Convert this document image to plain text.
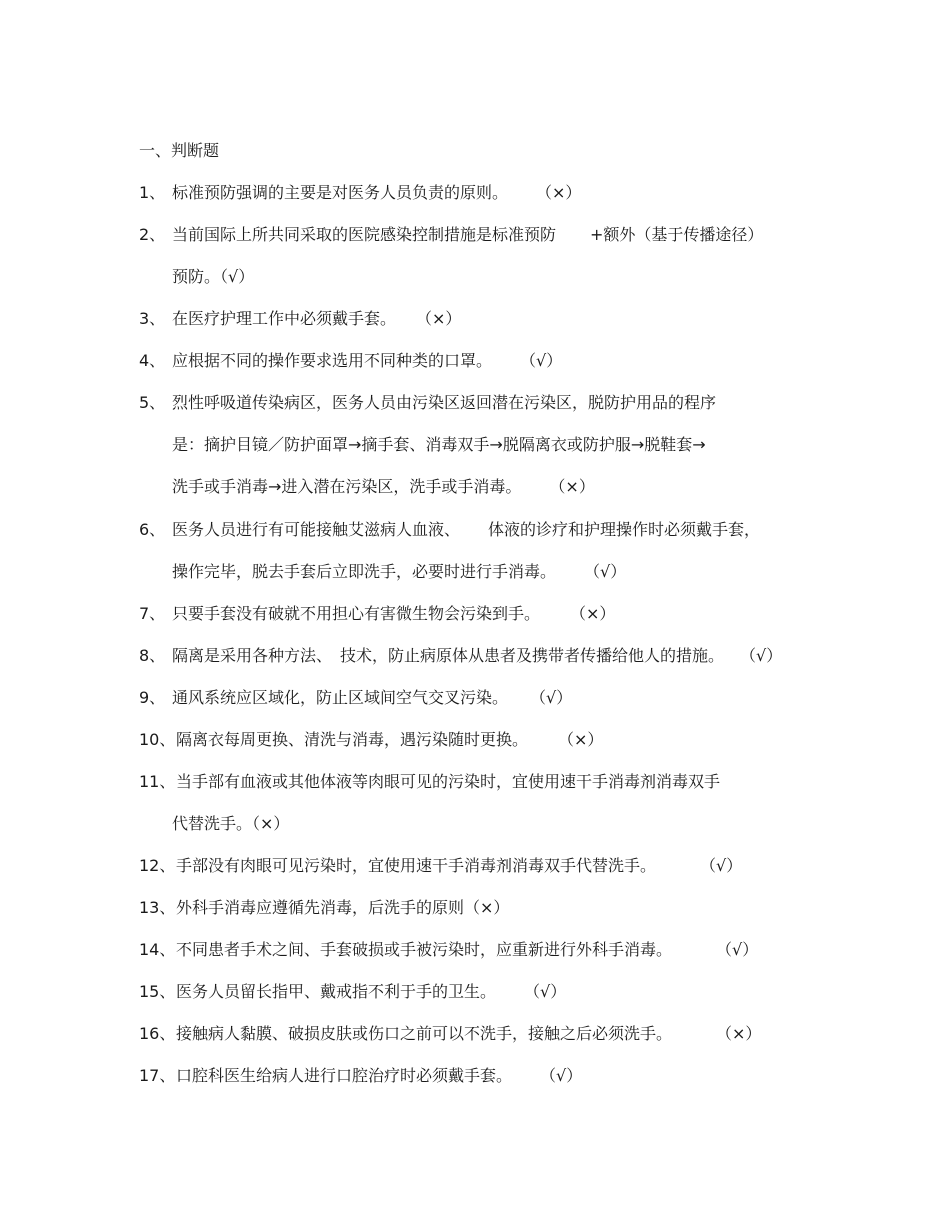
一、判断题
1、 标准预防强调的主要是对医务人员负责的原则。 （×）
2、 当前国际上所共同采取的医院感染控制措施是标准预防 +额外（基于传播途径）
预防。（√）
3、 在医疗护理工作中必须戴手套。 （×）
4、 应根据不同的操作要求选用不同种类的口罩。 （√）
5、 烈性呼吸道传染病区，医务人员由污染区返回潜在污染区，脱防护用品的程序
是：摘护目镜／防护面罩→摘手套、消毒双手→脱隔离衣或防护服→脱鞋套→
洗手或手消毒→进入潜在污染区，洗手或手消毒。 （×）
6、 医务人员进行有可能接触艾滋病人血液、 体液的诊疗和护理操作时必须戴手套，
操作完毕，脱去手套后立即洗手，必要时进行手消毒。 （√）
7、 只要手套没有破就不用担心有害微生物会污染到手。 （×）
8、 隔离是采用各种方法、 技术，防止病原体从患者及携带者传播给他人的措施。 （√）
9、 通风系统应区域化，防止区域间空气交叉污染。 （√）
10、 隔离衣每周更换、清洗与消毒，遇污染随时更换。 （×）
11、 当手部有血液或其他体液等肉眼可见的污染时，宜使用速干手消毒剂消毒双手
代替洗手。（×）
12、 手部没有肉眼可见污染时，宜使用速干手消毒剂消毒双手代替洗手。	（√）
13、 外科手消毒应遵循先消毒，后洗手的原则（×）
14、 不同患者手术之间、手套破损或手被污染时，应重新进行外科手消毒。	（√）
15、 医务人员留长指甲、戴戒指不利于手的卫生。 （√）
16、 接触病人黏膜、破损皮肤或伤口之前可以不洗手，接触之后必须洗手。	（×）
17、 口腔科医生给病人进行口腔治疗时必须戴手套。 （√）
